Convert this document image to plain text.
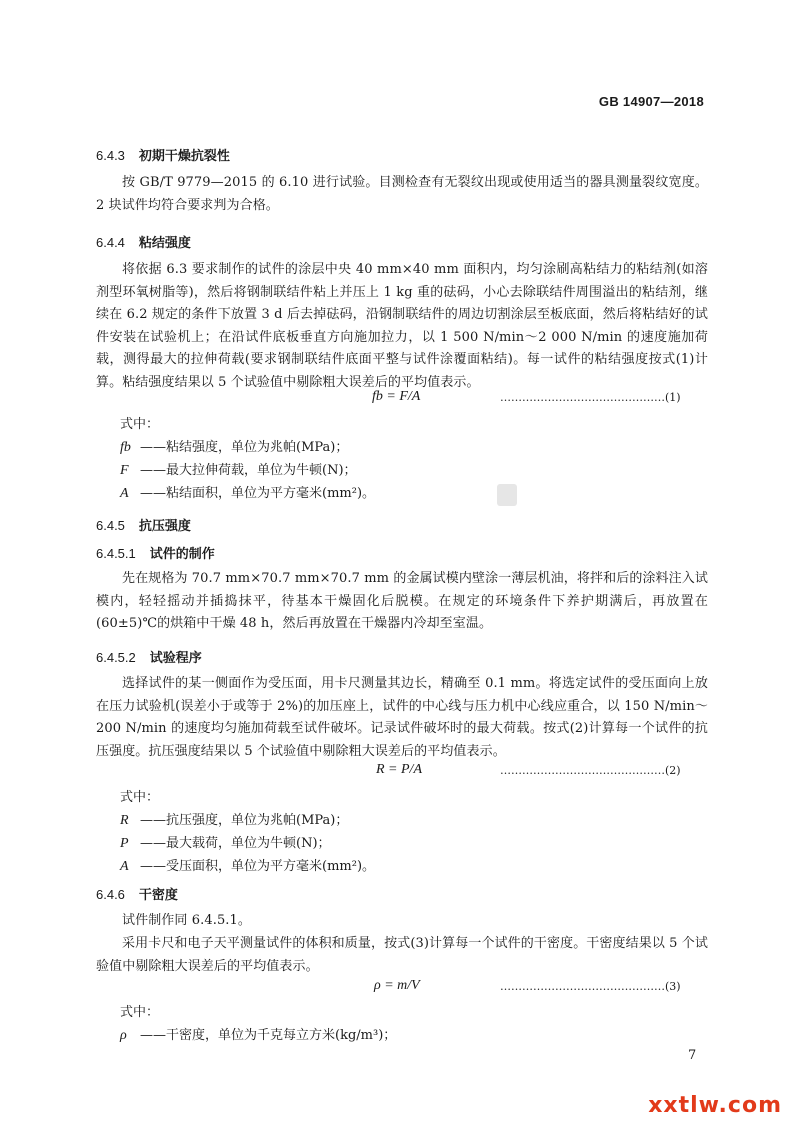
GB 14907—2018
6.4.3 初期干燥抗裂性
按 GB/T 9779—2015 的 6.10 进行试验。目测检查有无裂纹出现或使用适当的器具测量裂纹宽度。2 块试件均符合要求判为合格。
6.4.4 粘结强度
将依据 6.3 要求制作的试件的涂层中央 40 mm×40 mm 面积内，均匀涂刷高粘结力的粘结剂(如溶剂型环氧树脂等)，然后将钢制联结件粘上并压上 1 kg 重的砝码，小心去除联结件周围溢出的粘结剂，继续在 6.2 规定的条件下放置 3 d 后去掉砝码，沿钢制联结件的周边切割涂层至板底面，然后将粘结好的试件安装在试验机上；在沿试件底板垂直方向施加拉力，以 1 500 N/min～2 000 N/min 的速度施加荷载，测得最大的拉伸荷载(要求钢制联结件底面平整与试件涂覆面粘结)。每一试件的粘结强度按式(1)计算。粘结强度结果以 5 个试验值中剔除粗大误差后的平均值表示。
fb = F/A	………………………………………(1)
式中：
fb ——粘结强度，单位为兆帕(MPa)；
F ——最大拉伸荷载，单位为牛顿(N)；
A ——粘结面积，单位为平方毫米(mm²)。
6.4.5 抗压强度
6.4.5.1 试件的制作
先在规格为 70.7 mm×70.7 mm×70.7 mm 的金属试模内壁涂一薄层机油，将拌和后的涂料注入试模内，轻轻摇动并插捣抹平，待基本干燥固化后脱模。在规定的环境条件下养护期满后，再放置在(60±5)℃的烘箱中干燥 48 h，然后再放置在干燥器内冷却至室温。
6.4.5.2 试验程序
选择试件的某一侧面作为受压面，用卡尺测量其边长，精确至 0.1 mm。将选定试件的受压面向上放在压力试验机(误差小于或等于 2%)的加压座上，试件的中心线与压力机中心线应重合，以 150 N/min～200 N/min 的速度均匀施加荷载至试件破坏。记录试件破坏时的最大荷载。按式(2)计算每一个试件的抗压强度。抗压强度结果以 5 个试验值中剔除粗大误差后的平均值表示。
R = P/A	………………………………………(2)
式中：
R ——抗压强度，单位为兆帕(MPa)；
P ——最大载荷，单位为牛顿(N)；
A ——受压面积，单位为平方毫米(mm²)。
6.4.6 干密度
试件制作同 6.4.5.1。
采用卡尺和电子天平测量试件的体积和质量，按式(3)计算每一个试件的干密度。干密度结果以 5 个试验值中剔除粗大误差后的平均值表示。
ρ = m/V	………………………………………(3)
式中：
ρ ——干密度，单位为千克每立方米(kg/m³)；
7
xxtlw.com
